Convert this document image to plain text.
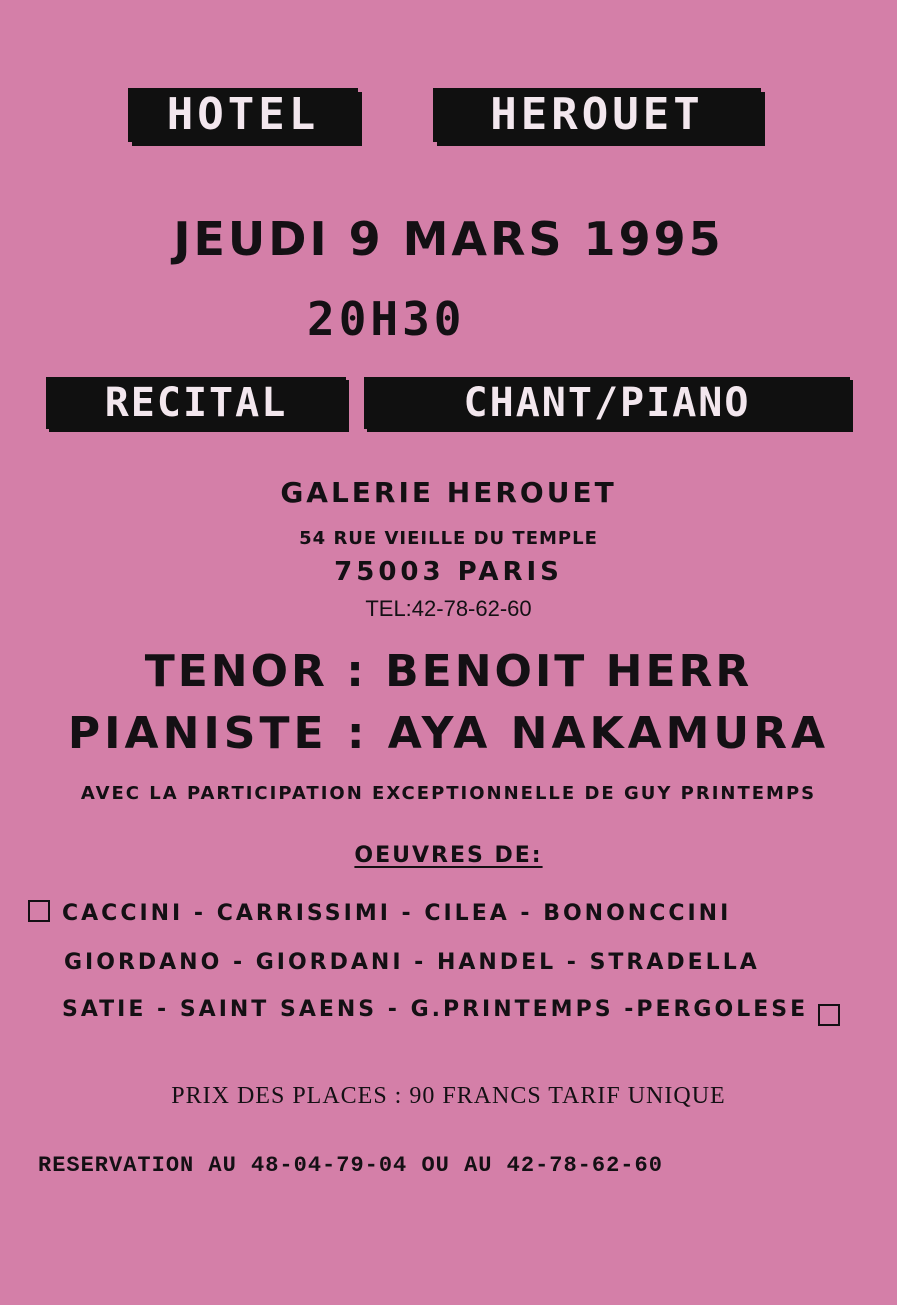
HOTEL	HEROUET
JEUDI 9 MARS 1995
20H30
RECITAL	CHANT/PIANO
GALERIE HEROUET
54 RUE VIEILLE DU TEMPLE
75003 PARIS
TEL:42-78-62-60
TENOR : BENOIT HERR
PIANISTE : AYA NAKAMURA
AVEC LA PARTICIPATION EXCEPTIONNELLE DE GUY PRINTEMPS
OEUVRES DE:
CACCINI - CARRISSIMI - CILEA - BONONCCINI
GIORDANO - GIORDANI - HANDEL - STRADELLA
SATIE - SAINT SAENS - G.PRINTEMPS -PERGOLESE
PRIX DES PLACES : 90 FRANCS TARIF UNIQUE
RESERVATION AU 48-04-79-04 OU AU 42-78-62-60
